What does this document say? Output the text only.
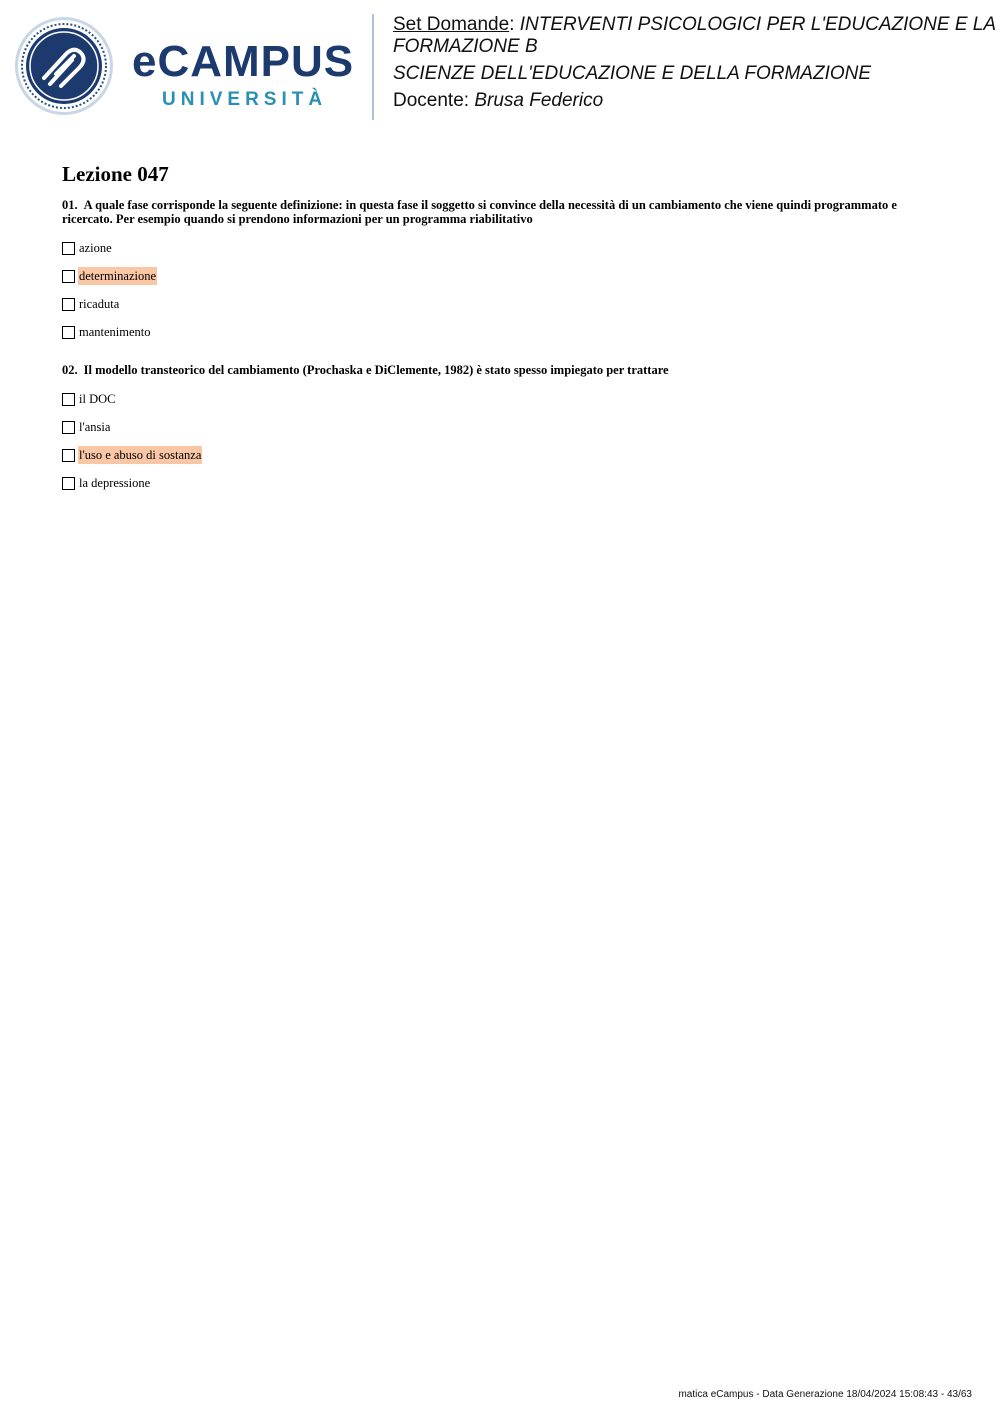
eCAMPUS
UNIVERSITÀ

Set Domande: INTERVENTI PSICOLOGICI PER L'EDUCAZIONE E LA FORMAZIONE B

SCIENZE DELL'EDUCAZIONE E DELLA FORMAZIONE

Docente: Brusa Federico

Lezione 047

01. A quale fase corrisponde la seguente definizione: in questa fase il soggetto si convince della necessità di un cambiamento che viene quindi programmato e ricercato. Per esempio quando si prendono informazioni per un programma riabilitativo

azione
determinazione
ricaduta
mantenimento

02. Il modello transteorico del cambiamento (Prochaska e DiClemente, 1982) è stato spesso impiegato per trattare

il DOC
l'ansia
l'uso e abuso di sostanza
la depressione
matica eCampus - Data Generazione 18/04/2024 15:08:43 - 43/63
